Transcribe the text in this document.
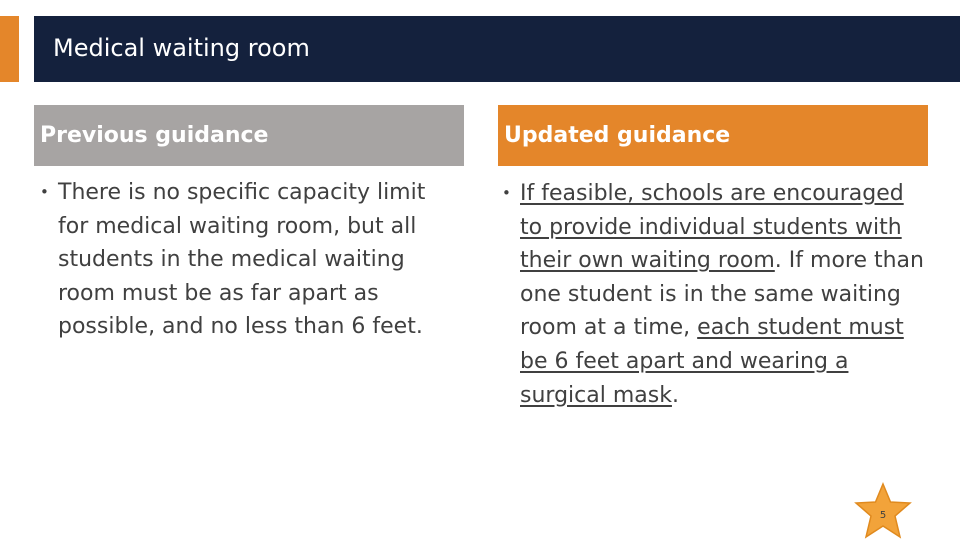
Medical waiting room
Previous guidance	Updated guidance
• There is no specific capacity limit for medical waiting room, but all students in the medical waiting room must be as far apart as possible, and no less than 6 feet.
• If feasible, schools are encouraged to provide individual students with their own waiting room. If more than one student is in the same waiting room at a time, each student must be 6 feet apart and wearing a surgical mask.
5
